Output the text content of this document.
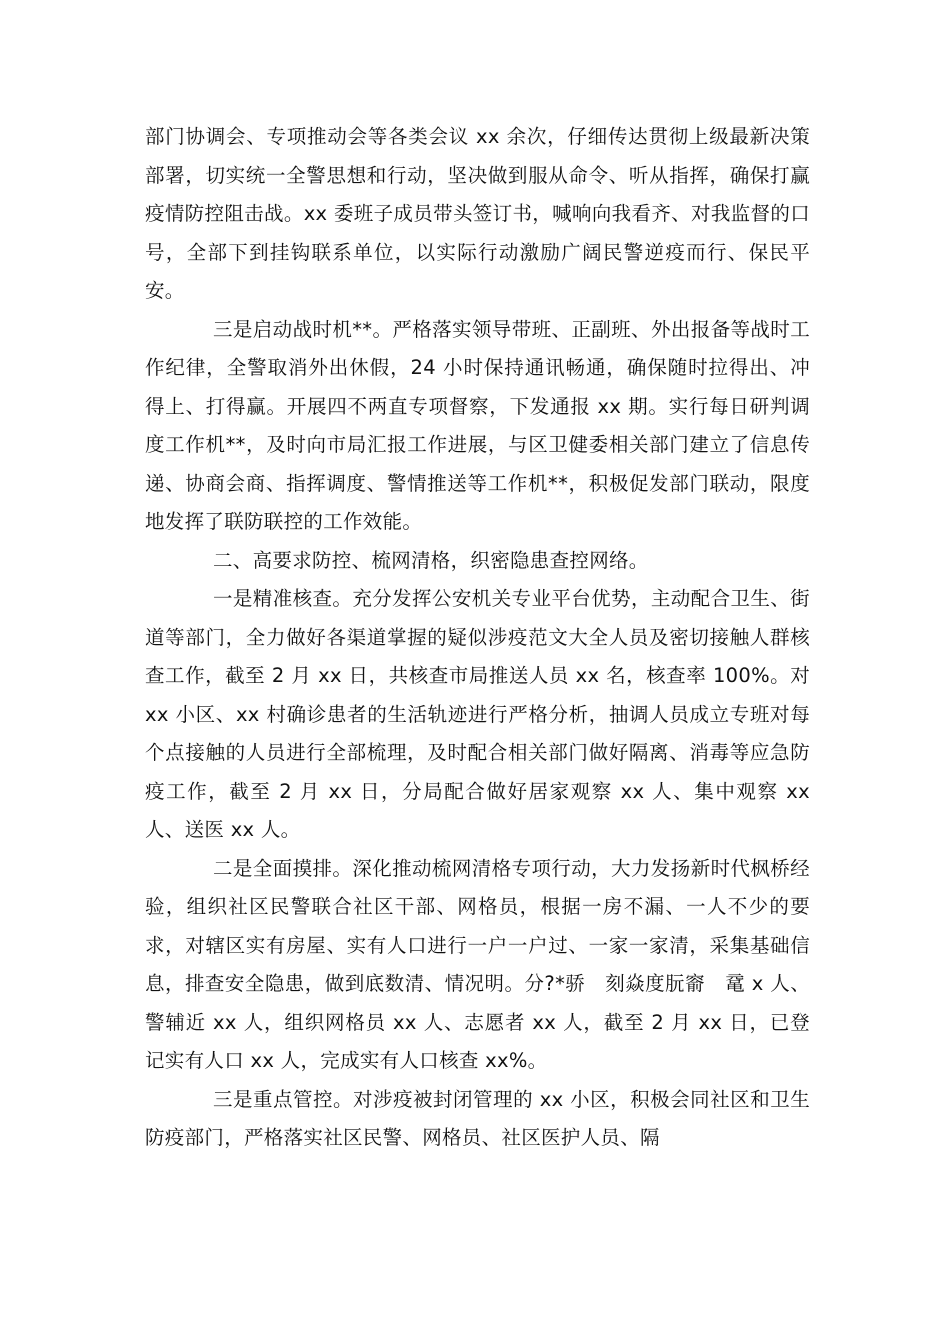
部门协调会、专项推动会等各类会议 xx 余次，仔细传达贯彻上级最新决策部署，切实统一全警思想和行动，坚决做到服从命令、听从指挥，确保打赢疫情防控阻击战。xx 委班子成员带头签订书，喊响向我看齐、对我监督的口号，全部下到挂钩联系单位，以实际行动激励广阔民警逆疫而行、保民平安。

三是启动战时机**。严格落实领导带班、正副班、外出报备等战时工作纪律，全警取消外出休假，24 小时保持通讯畅通，确保随时拉得出、冲得上、打得赢。开展四不两直专项督察，下发通报 xx 期。实行每日研判调度工作机**，及时向市局汇报工作进展，与区卫健委相关部门建立了信息传递、协商会商、指挥调度、警情推送等工作机**，积极促发部门联动，限度地发挥了联防联控的工作效能。

二、高要求防控、梳网清格，织密隐患查控网络。

一是精准核查。充分发挥公安机关专业平台优势，主动配合卫生、街道等部门，全力做好各渠道掌握的疑似涉疫范文大全人员及密切接触人群核查工作，截至 2 月 xx 日，共核查市局推送人员 xx 名，核查率 100%。对 xx 小区、xx 村确诊患者的生活轨迹进行严格分析，抽调人员成立专班对每个点接触的人员进行全部梳理，及时配合相关部门做好隔离、消毒等应急防疫工作，截至 2 月 xx 日，分局配合做好居家观察 xx 人、集中观察 xx 人、送医 xx 人。

二是全面摸排。深化推动梳网清格专项行动，大力发扬新时代枫桥经验，组织社区民警联合社区干部、网格员，根据一房不漏、一人不少的要求，对辖区实有房屋、实有人口进行一户一户过、一家一家清，采集基础信息，排查安全隐患，做到底数清、情况明。分?*骄　刻焱度朊窬　鼋 x 人、警辅近 xx 人，组织网格员 xx 人、志愿者 xx 人，截至 2 月 xx 日，已登记实有人口 xx 人，完成实有人口核查 xx%。

三是重点管控。对涉疫被封闭管理的 xx 小区，积极会同社区和卫生防疫部门，严格落实社区民警、网格员、社区医护人员、隔
